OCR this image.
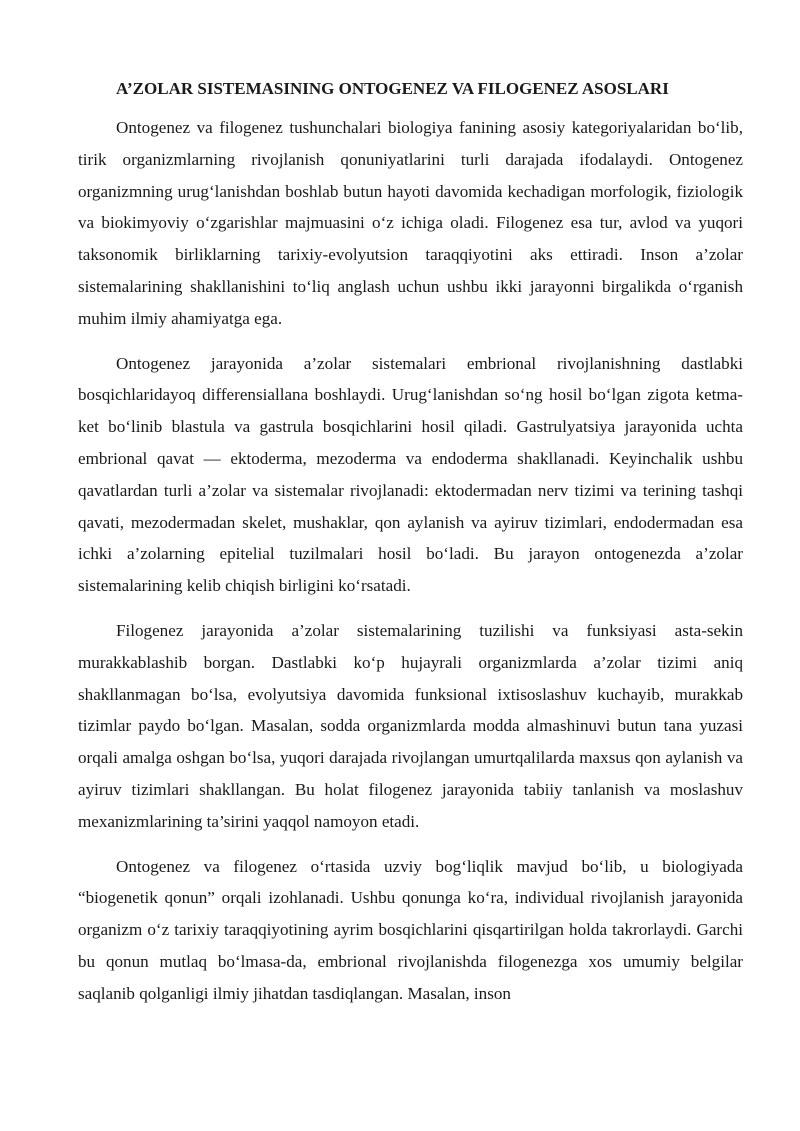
A’ZOLAR SISTEMASINING ONTOGENEZ VA FILOGENEZ ASOSLARI

Ontogenez va filogenez tushunchalari biologiya fanining asosiy kategoriyalaridan bo‘lib, tirik organizmlarning rivojlanish qonuniyatlarini turli darajada ifodalaydi. Ontogenez organizmning urug‘lanishdan boshlab butun hayoti davomida kechadigan morfologik, fiziologik va biokimyoviy o‘zgarishlar majmuasini o‘z ichiga oladi. Filogenez esa tur, avlod va yuqori taksonomik birliklarning tarixiy-evolyutsion taraqqiyotini aks ettiradi. Inson a’zolar sistemalarining shakllanishini to‘liq anglash uchun ushbu ikki jarayonni birgalikda o‘rganish muhim ilmiy ahamiyatga ega.

Ontogenez jarayonida a’zolar sistemalari embrional rivojlanishning dastlabki bosqichlaridayoq differensiallana boshlaydi. Urug‘lanishdan so‘ng hosil bo‘lgan zigota ketma-ket bo‘linib blastula va gastrula bosqichlarini hosil qiladi. Gastrulyatsiya jarayonida uchta embrional qavat — ektoderma, mezoderma va endoderma shakllanadi. Keyinchalik ushbu qavatlardan turli a’zolar va sistemalar rivojlanadi: ektodermadan nerv tizimi va terining tashqi qavati, mezodermadan skelet, mushaklar, qon aylanish va ayiruv tizimlari, endodermadan esa ichki a’zolarning epitelial tuzilmalari hosil bo‘ladi. Bu jarayon ontogenezda a’zolar sistemalarining kelib chiqish birligini ko‘rsatadi.

Filogenez jarayonida a’zolar sistemalarining tuzilishi va funksiyasi asta-sekin murakkablashib borgan. Dastlabki ko‘p hujayrali organizmlarda a’zolar tizimi aniq shakllanmagan bo‘lsa, evolyutsiya davomida funksional ixtisoslashuv kuchayib, murakkab tizimlar paydo bo‘lgan. Masalan, sodda organizmlarda modda almashinuvi butun tana yuzasi orqali amalga oshgan bo‘lsa, yuqori darajada rivojlangan umurtqalilarda maxsus qon aylanish va ayiruv tizimlari shakllangan. Bu holat filogenez jarayonida tabiiy tanlanish va moslashuv mexanizmlarining ta’sirini yaqqol namoyon etadi.

Ontogenez va filogenez o‘rtasida uzviy bog‘liqlik mavjud bo‘lib, u biologiyada “biogenetik qonun” orqali izohlanadi. Ushbu qonunga ko‘ra, individual rivojlanish jarayonida organizm o‘z tarixiy taraqqiyotining ayrim bosqichlarini qisqartirilgan holda takrorlaydi. Garchi bu qonun mutlaq bo‘lmasa-da, embrional rivojlanishda filogenezga xos umumiy belgilar saqlanib qolganligi ilmiy jihatdan tasdiqlangan. Masalan, inson
